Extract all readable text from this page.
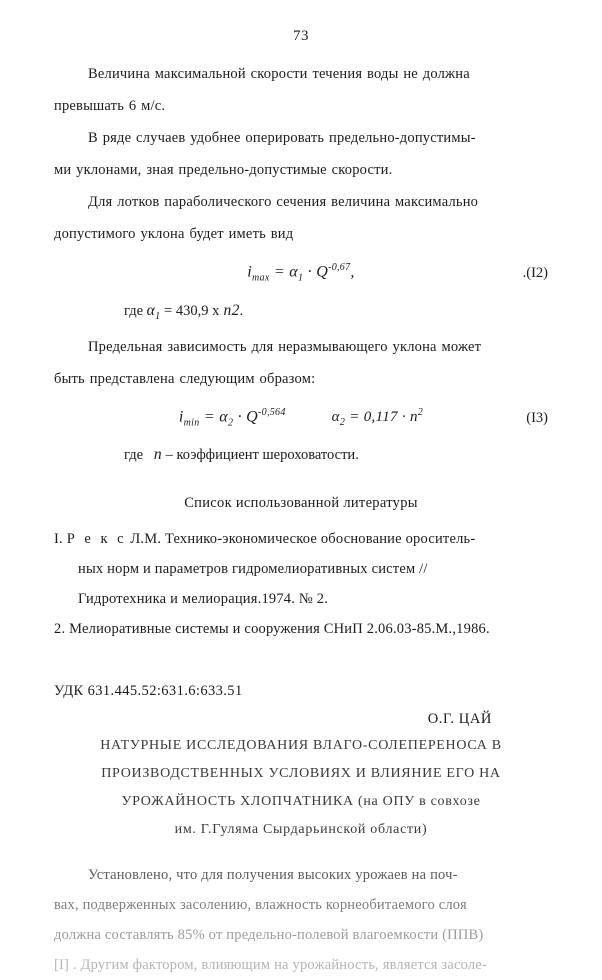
73

Величина максимальной скорости течения воды не должна

превышать 6 м/с.

В ряде случаев удобнее оперировать предельно-допустимы-

ми уклонами, зная предельно-допустимые скорости.

Для лотков параболического сечения величина максимально

допустимого уклона будет иметь вид

$i_{max} = \alpha_1 \cdot Q^{-0,67}$,	.(I2)

где $\alpha_1 = 430,9$ х n2.

Предельная зависимость для неразмывающего уклона может

быть представлена следующим образом:

$i_{min} = \alpha_2 \cdot Q^{-0,564}$	$\alpha_2 = 0,117 \cdot n^2$	(I3)

где n – коэффициент шероховатости.

Список использованной литературы
I. Р е к с Л.М. Технико-экономическое обоснование ороситель-
ных норм и параметров гидромелиоративных систем //
Гидротехника и мелиорация.1974. № 2.
2. Мелиоративные системы и сооружения СНиП 2.06.03-85.М.,1986.
УДК 631.445.52:631.6:633.51
О.Г. ЦАЙ
НАТУРНЫЕ ИССЛЕДОВАНИЯ ВЛАГО-СОЛЕПЕРЕНОСА В
ПРОИЗВОДСТВЕННЫХ УСЛОВИЯХ И ВЛИЯНИЕ ЕГО НА
УРОЖАЙНОСТЬ ХЛОПЧАТНИКА (на ОПУ в совхозе
им. Г.Гуляма Сырдарьинской области)

Установлено, что для получения высоких урожаев на поч-

вах, подверженных засолению, влажность корнеобитаемого слоя

должна составлять 85% от предельно-полевой влагоемкости (ППВ)

[I] . Другим фактором, влияющим на урожайность, является засоле-
